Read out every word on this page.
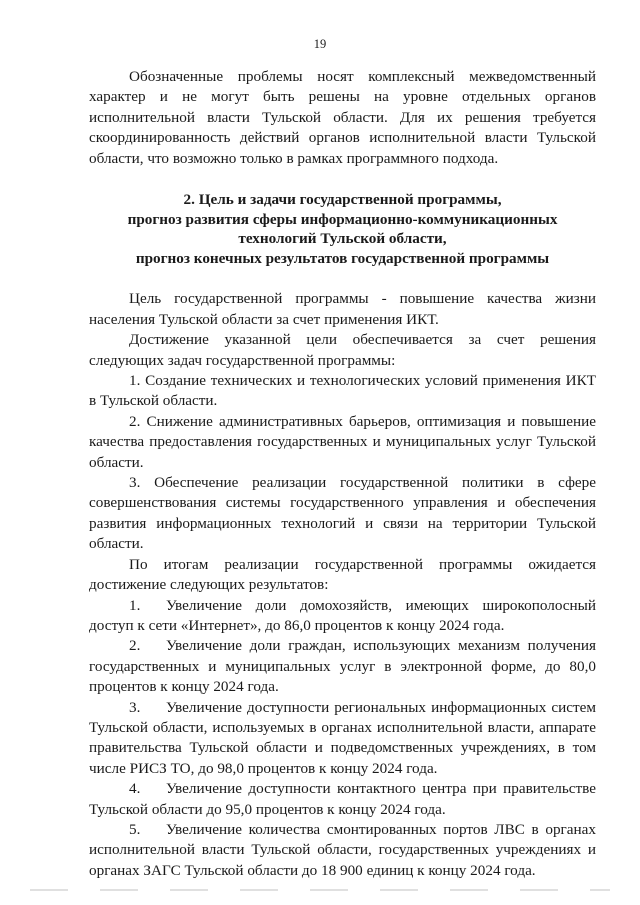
19

Обозначенные проблемы носят комплексный межведомственный характер и не могут быть решены на уровне отдельных органов исполнительной власти Тульской области. Для их решения требуется скоординированность действий органов исполнительной власти Тульской области, что возможно только в рамках программного подхода.

2. Цель и задачи государственной программы,
прогноз развития сферы информационно-коммуникационных
технологий Тульской области,
прогноз конечных результатов государственной программы

Цель государственной программы - повышение качества жизни населения Тульской области за счет применения ИКТ.

Достижение указанной цели обеспечивается за счет решения следующих задач государственной программы:

1. Создание технических и технологических условий применения ИКТ в Тульской области.

2. Снижение административных барьеров, оптимизация и повышение качества предоставления государственных и муниципальных услуг Тульской области.

3. Обеспечение реализации государственной политики в сфере совершенствования системы государственного управления и обеспечения развития информационных технологий и связи на территории Тульской области.

По итогам реализации государственной программы ожидается достижение следующих результатов:

1. Увеличение доли домохозяйств, имеющих широкополосный доступ к сети «Интернет», до 86,0 процентов к концу 2024 года.

2. Увеличение доли граждан, использующих механизм получения государственных и муниципальных услуг в электронной форме, до 80,0 процентов к концу 2024 года.

3. Увеличение доступности региональных информационных систем Тульской области, используемых в органах исполнительной власти, аппарате правительства Тульской области и подведомственных учреждениях, в том числе РИСЗ ТО, до 98,0 процентов к концу 2024 года.

4. Увеличение доступности контактного центра при правительстве Тульской области до 95,0 процентов к концу 2024 года.

5. Увеличение количества смонтированных портов ЛВС в органах исполнительной власти Тульской области, государственных учреждениях и органах ЗАГС Тульской области до 18 900 единиц к концу 2024 года.
